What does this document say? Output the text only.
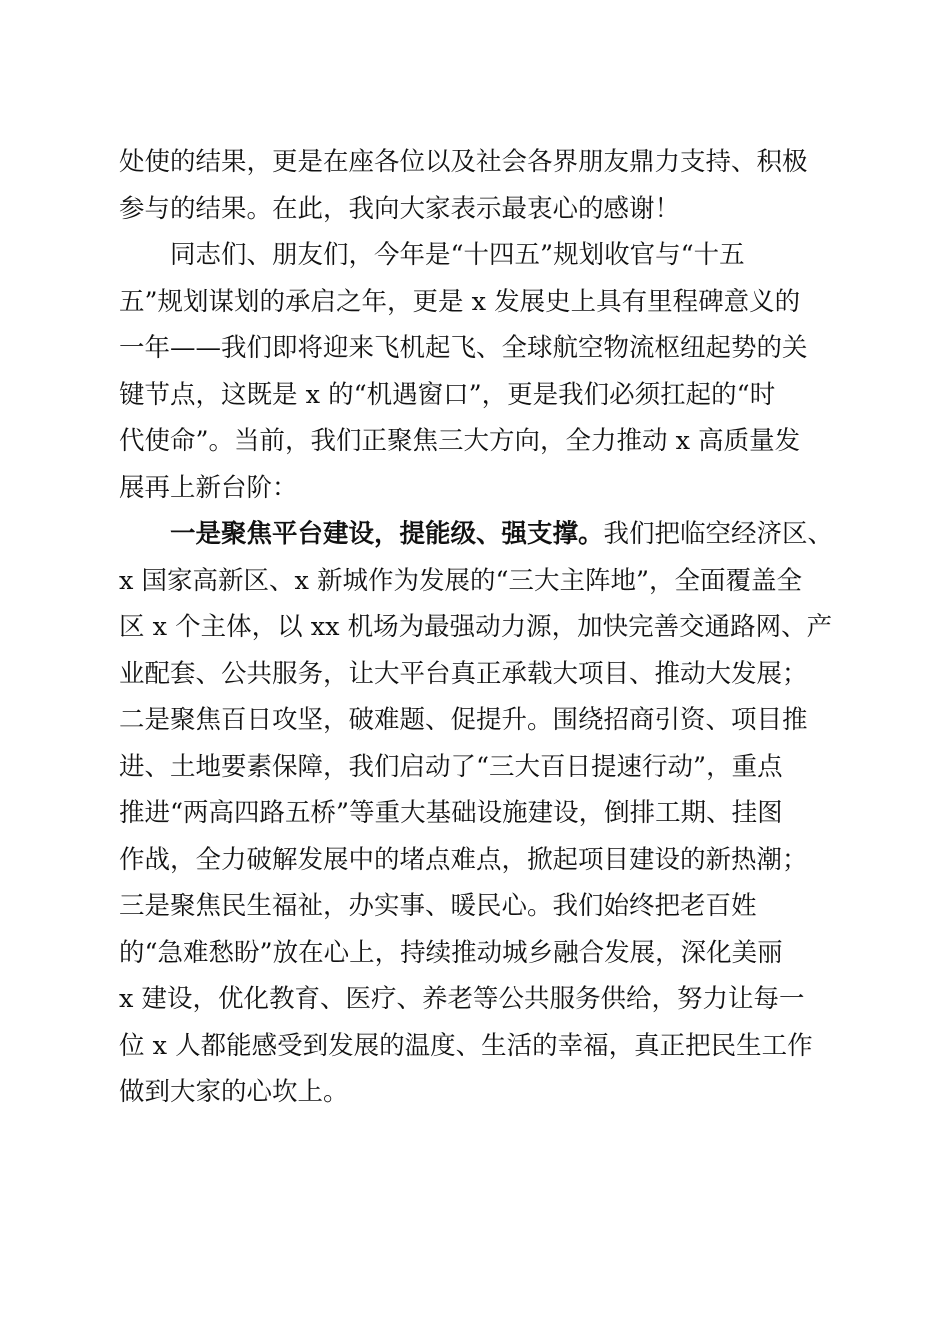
处使的结果，更是在座各位以及社会各界朋友鼎力支持、积极

参与的结果。在此，我向大家表示最衷心的感谢！

同志们、朋友们，今年是“十四五”规划收官与“十五

五”规划谋划的承启之年，更是 x 发展史上具有里程碑意义的

一年——我们即将迎来飞机起飞、全球航空物流枢纽起势的关

键节点，这既是 x 的“机遇窗口”，更是我们必须扛起的“时

代使命”。当前，我们正聚焦三大方向，全力推动 x 高质量发

展再上新台阶：

一是聚焦平台建设，提能级、强支撑。我们把临空经济区、

x 国家高新区、x 新城作为发展的“三大主阵地”，全面覆盖全

区 x 个主体，以 xx 机场为最强动力源，加快完善交通路网、产

业配套、公共服务，让大平台真正承载大项目、推动大发展；

二是聚焦百日攻坚，破难题、促提升。围绕招商引资、项目推

进、土地要素保障，我们启动了“三大百日提速行动”，重点

推进“两高四路五桥”等重大基础设施建设，倒排工期、挂图

作战，全力破解发展中的堵点难点，掀起项目建设的新热潮；

三是聚焦民生福祉，办实事、暖民心。我们始终把老百姓

的“急难愁盼”放在心上，持续推动城乡融合发展，深化美丽

x 建设，优化教育、医疗、养老等公共服务供给，努力让每一

位 x 人都能感受到发展的温度、生活的幸福，真正把民生工作

做到大家的心坎上。
